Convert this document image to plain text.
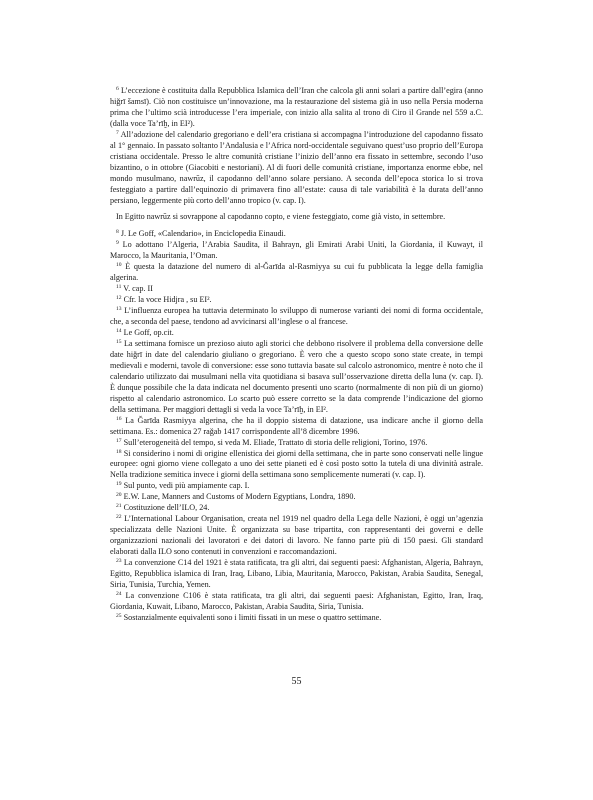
$^6$ L’eccezione è costituita dalla Repubblica Islamica dell’Iran che calcola gli anni solari a partire dall’egira (anno hiğrī šamsī). Ciò non costituisce un’innovazione, ma la restaurazione del sistema già in uso nella Persia moderna prima che l’ultimo scià introducesse l’era imperiale, con inizio alla salita al trono di Ciro il Grande nel 559 a.C. (dalla voce Ta’rīḫ, in EI²).

$^7$ All’adozione del calendario gregoriano e dell’era cristiana si accompagna l’introduzione del capodanno fissato al 1° gennaio. In passato soltanto l’Andalusia e l’Africa nord-occidentale seguivano quest’uso proprio dell’Europa cristiana occidentale. Presso le altre comunità cristiane l’inizio dell’anno era fissato in settembre, secondo l’uso bizantino, o in ottobre (Giacobiti e nestoriani). Al di fuori delle comunità cristiane, importanza enorme ebbe, nel mondo musulmano, nawrūz, il capodanno dell’anno solare persiano. A seconda dell’epoca storica lo si trova festeggiato a partire dall’equinozio di primavera fino all’estate: causa di tale variabilità è la durata dell’anno persiano, leggermente più corto dell’anno tropico (v. cap. I).

In Egitto nawrūz si sovrappone al capodanno copto, e viene festeggiato, come già visto, in settembre.

$^8$ J. Le Goff, «Calendario», in Enciclopedia Einaudi.

$^9$ Lo adottano l’Algeria, l’Arabia Saudita, il Bahrayn, gli Emirati Arabi Uniti, la Giordania, il Kuwayt, il Marocco, la Mauritania, l’Oman.

$^{10}$ È questa la datazione del numero di al-Ğarīda al-Rasmiyya su cui fu pubblicata la legge della famiglia algerina.

$^{11}$ V. cap. II

$^{12}$ Cfr. la voce Hidjra , su EI².

$^{13}$ L’influenza europea ha tuttavia determinato lo sviluppo di numerose varianti dei nomi di forma occidentale, che, a seconda del paese, tendono ad avvicinarsi all’inglese o al francese.

$^{14}$ Le Goff, op.cit.

$^{15}$ La settimana fornisce un prezioso aiuto agli storici che debbono risolvere il problema della conversione delle date hiğrī in date del calendario giuliano o gregoriano. È vero che a questo scopo sono state create, in tempi medievali e moderni, tavole di conversione: esse sono tuttavia basate sul calcolo astronomico, mentre è noto che il calendario utilizzato dai musulmani nella vita quotidiana si basava sull’osservazione diretta della luna (v. cap. I). È dunque possibile che la data indicata nel documento presenti uno scarto (normalmente di non più di un giorno) rispetto al calendario astronomico. Lo scarto può essere corretto se la data comprende l’indicazione del giorno della settimana. Per maggiori dettagli si veda la voce Ta’rīḫ, in EI².

$^{16}$ La Ğarīda Rasmiyya algerina, che ha il doppio sistema di datazione, usa indicare anche il giorno della settimana. Es.: domenica 27 rağab 1417 corrispondente all’8 dicembre 1996.

$^{17}$ Sull’eterogeneità del tempo, si veda M. Eliade, Trattato di storia delle religioni, Torino, 1976.

$^{18}$ Si considerino i nomi di origine ellenistica dei giorni della settimana, che in parte sono conservati nelle lingue europee: ogni giorno viene collegato a uno dei sette pianeti ed è così posto sotto la tutela di una divinità astrale. Nella tradizione semitica invece i giorni della settimana sono semplicemente numerati (v. cap. I).

$^{19}$ Sul punto, vedi più ampiamente cap. I.

$^{20}$ E.W. Lane, Manners and Customs of Modern Egyptians, Londra, 1890.

$^{21}$ Costituzione dell’ILO, 24.

$^{22}$ L’International Labour Organisation, creata nel 1919 nel quadro della Lega delle Nazioni, è oggi un’agenzia specializzata delle Nazioni Unite. È organizzata su base tripartita, con rappresentanti dei governi e delle organizzazioni nazionali dei lavoratori e dei datori di lavoro. Ne fanno parte più di 150 paesi. Gli standard elaborati dalla ILO sono contenuti in convenzioni e raccomandazioni.

$^{23}$ La convenzione C14 del 1921 è stata ratificata, tra gli altri, dai seguenti paesi: Afghanistan, Algeria, Bahrayn, Egitto, Repubblica islamica di Iran, Iraq, Libano, Libia, Mauritania, Marocco, Pakistan, Arabia Saudita, Senegal, Siria, Tunisia, Turchia, Yemen.

$^{24}$ La convenzione C106 è stata ratificata, tra gli altri, dai seguenti paesi: Afghanistan, Egitto, Iran, Iraq, Giordania, Kuwait, Libano, Marocco, Pakistan, Arabia Saudita, Siria, Tunisia.

$^{25}$ Sostanzialmente equivalenti sono i limiti fissati in un mese o quattro settimane.

55
